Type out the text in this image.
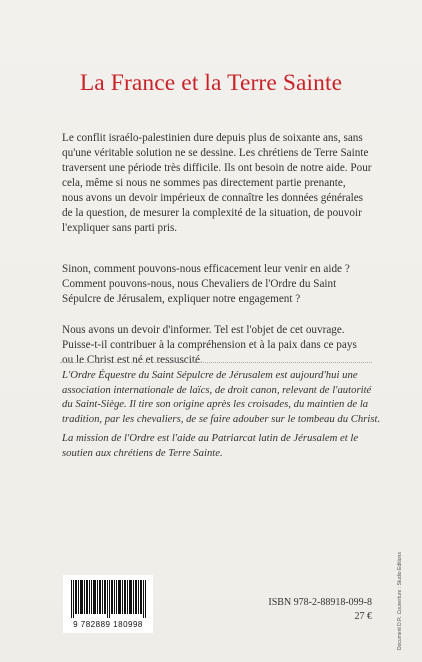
La France et la Terre Sainte
Le conflit israélo-palestinien dure depuis plus de soixante ans, sans
qu'une véritable solution ne se dessine. Les chrétiens de Terre Sainte
traversent une période très difficile. Ils ont besoin de notre aide. Pour
cela, même si nous ne sommes pas directement partie prenante,
nous avons un devoir impérieux de connaître les données générales
de la question, de mesurer la complexité de la situation, de pouvoir
l'expliquer sans parti pris.
Sinon, comment pouvons-nous efficacement leur venir en aide ?
Comment pouvons-nous, nous Chevaliers de l'Ordre du Saint
Sépulcre de Jérusalem, expliquer notre engagement ?
Nous avons un devoir d'informer. Tel est l'objet de cet ouvrage.
Puisse-t-il contribuer à la compréhension et à la paix dans ce pays
ou le Christ est né et ressuscité.
L'Ordre Équestre du Saint Sépulcre de Jérusalem est aujourd'hui une
association internationale de laïcs, de droit canon, relevant de l'autorité
du Saint-Siège. Il tire son origine après les croisades, du maintien de la
tradition, par les chevaliers, de se faire adouber sur le tombeau du Christ.
La mission de l'Ordre est l'aide au Patriarcat latin de Jérusalem et le
soutien aux chrétiens de Terre Sainte.
Document D.R. Couverture : Studio Editions
9 782889 180998
ISBN 978-2-88918-099-8
27 €
